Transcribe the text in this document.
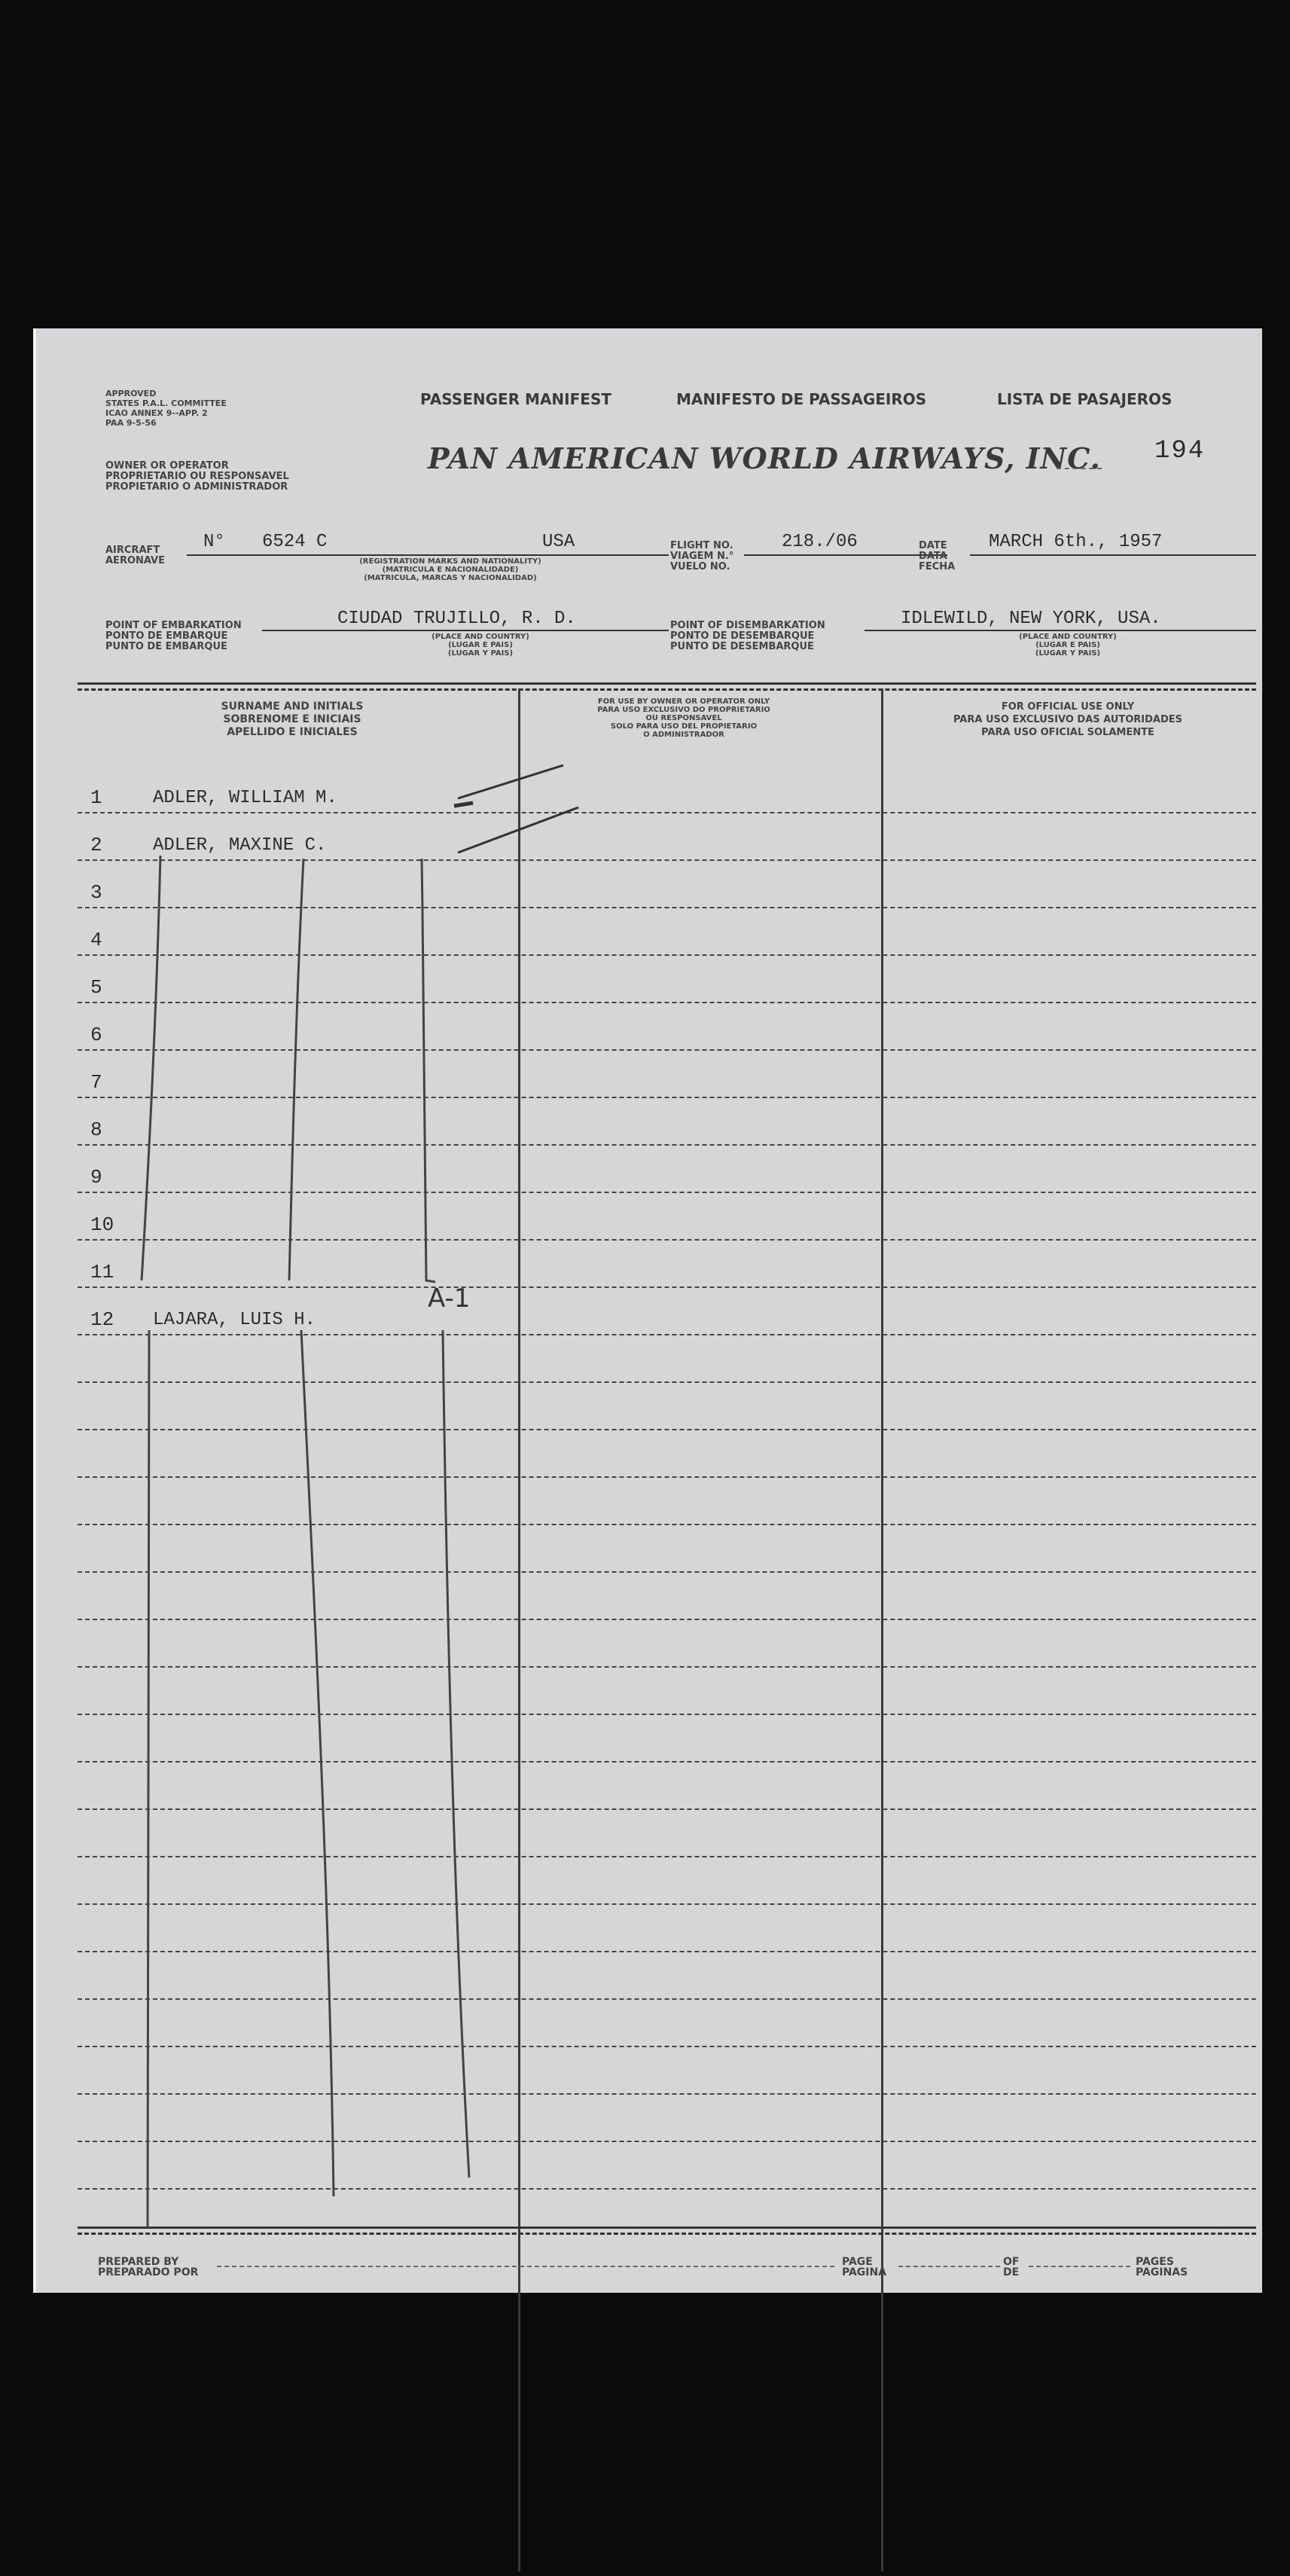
APPROVED
STATES P.A.L. COMMITTEE
ICAO ANNEX 9--APP. 2
PAA 9-5-56
PASSENGER MANIFEST	MANIFESTO DE PASSAGEIROS	LISTA DE PASAJEROS
OWNER OR OPERATOR
PROPRIETARIO OU RESPONSAVEL
PROPIETARIO O ADMINISTRADOR
PAN AMERICAN WORLD AIRWAYS, INC. 194
AIRCRAFT
AERONAVE
N° 6524 C	USA
(REGISTRATION MARKS AND NATIONALITY)
(MATRICULA E NACIONALIDADE)
(MATRICULA, MARCAS Y NACIONALIDAD)
FLIGHT NO.
VIAGEM N.°
VUELO NO.
218./06	DATE
DATA
FECHA
MARCH 6th., 1957
POINT OF EMBARKATION
PONTO DE EMBARQUE
PUNTO DE EMBARQUE
CIUDAD TRUJILLO, R. D.
(PLACE AND COUNTRY)
(LUGAR E PAIS)
(LUGAR Y PAIS)
POINT OF DISEMBARKATION
PONTO DE DESEMBARQUE
PUNTO DE DESEMBARQUE
IDLEWILD, NEW YORK, USA.
(PLACE AND COUNTRY)
(LUGAR E PAIS)
(LUGAR Y PAIS)
SURNAME AND INITIALS
SOBRENOME E INICIAIS
APELLIDO E INICIALES
FOR USE BY OWNER OR OPERATOR ONLY
PARA USO EXCLUSIVO DO PROPRIETARIO
OU RESPONSAVEL
SOLO PARA USO DEL PROPIETARIO
O ADMINISTRADOR
FOR OFFICIAL USE ONLY
PARA USO EXCLUSIVO DAS AUTORIDADES
PARA USO OFICIAL SOLAMENTE
1	ADLER, WILLIAM M.
2	ADLER, MAXINE C.
3
4
5
6
7
8
9
10
11
12 LAJARA, LUIS H.
A-1
PREPARED BY
PREPARADO POR
PAGE
PAGINA
OF
DE
PAGES
PAGINAS
